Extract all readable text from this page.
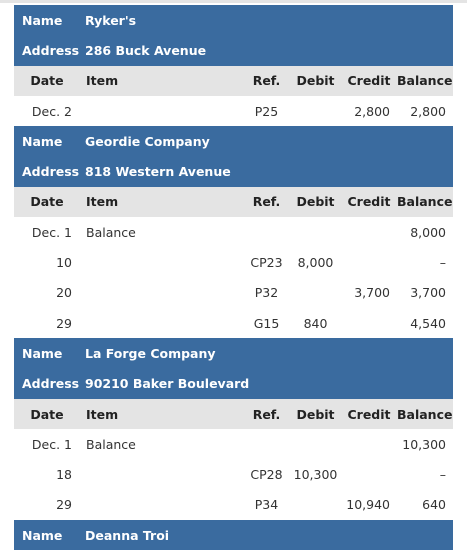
Name	Ryker's				
Address	286 Buck Avenue				
Date	Item	Ref.	Debit	Credit	Balance
Dec. 2		P25		2,800	2,800
Name	Geordie Company				
Address	818 Western Avenue				
Date	Item	Ref.	Debit	Credit	Balance
Dec. 1	Balance				8,000
10		CP23	8,000		–
20		P32		3,700	3,700
29		G15	840		4,540
Name	La Forge Company				
Address	90210 Baker Boulevard				
Date	Item	Ref.	Debit	Credit	Balance
Dec. 1	Balance				10,300
18		CP28	10,300		–
29		P34		10,940	640
Name	Deanna Troi				
